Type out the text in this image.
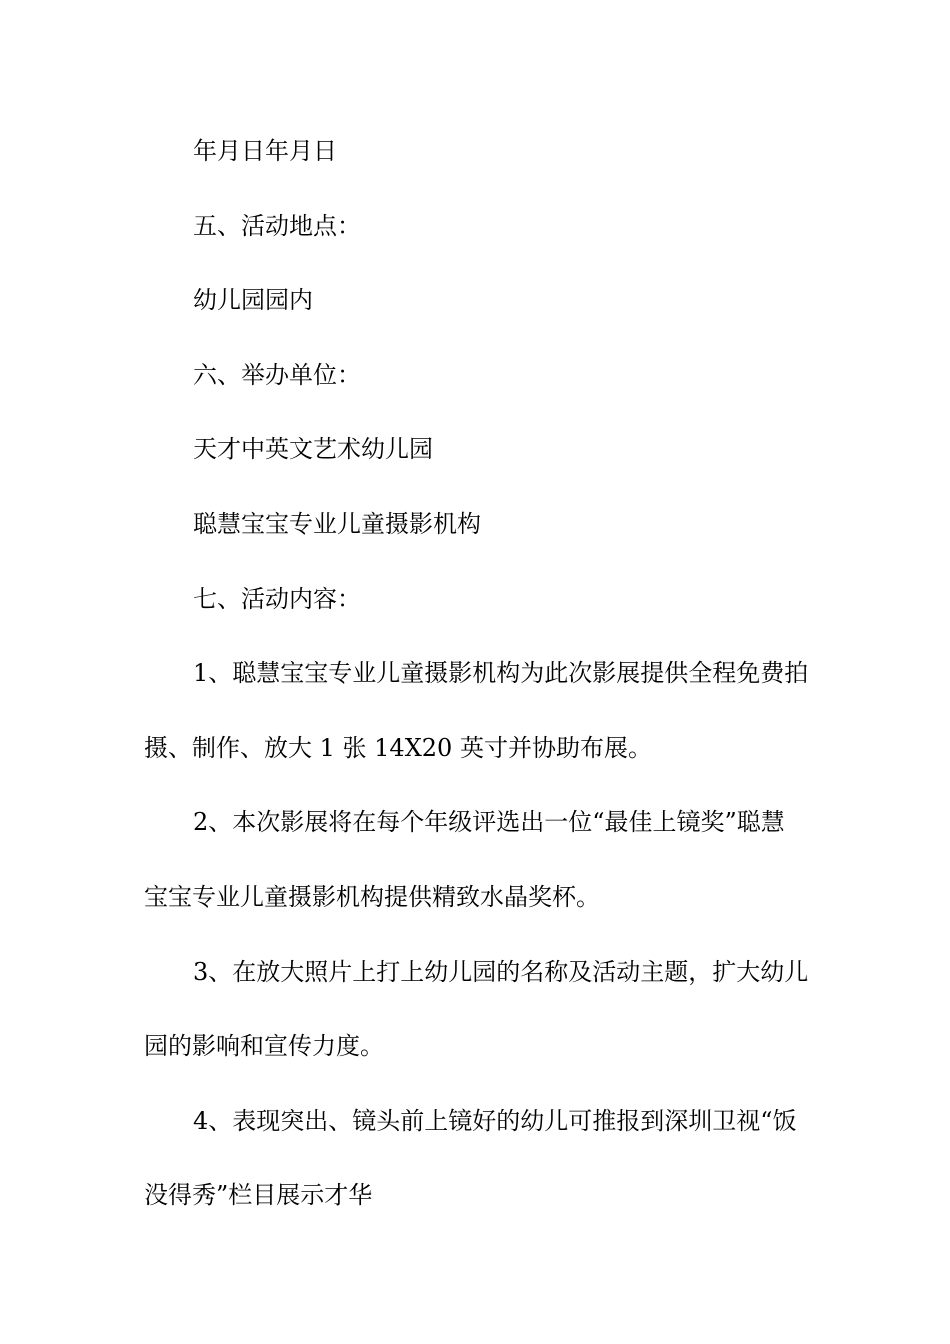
年月日年月日
五、活动地点：
幼儿园园内
六、举办单位：
天才中英文艺术幼儿园
聪慧宝宝专业儿童摄影机构
七、活动内容：
1、聪慧宝宝专业儿童摄影机构为此次影展提供全程免费拍
摄、制作、放大 1 张 14X20 英寸并协助布展。
2、本次影展将在每个年级评选出一位“最佳上镜奖”聪慧
宝宝专业儿童摄影机构提供精致水晶奖杯。
3、在放大照片上打上幼儿园的名称及活动主题，扩大幼儿
园的影响和宣传力度。
4、表现突出、镜头前上镜好的幼儿可推报到深圳卫视“饭
没得秀”栏目展示才华
